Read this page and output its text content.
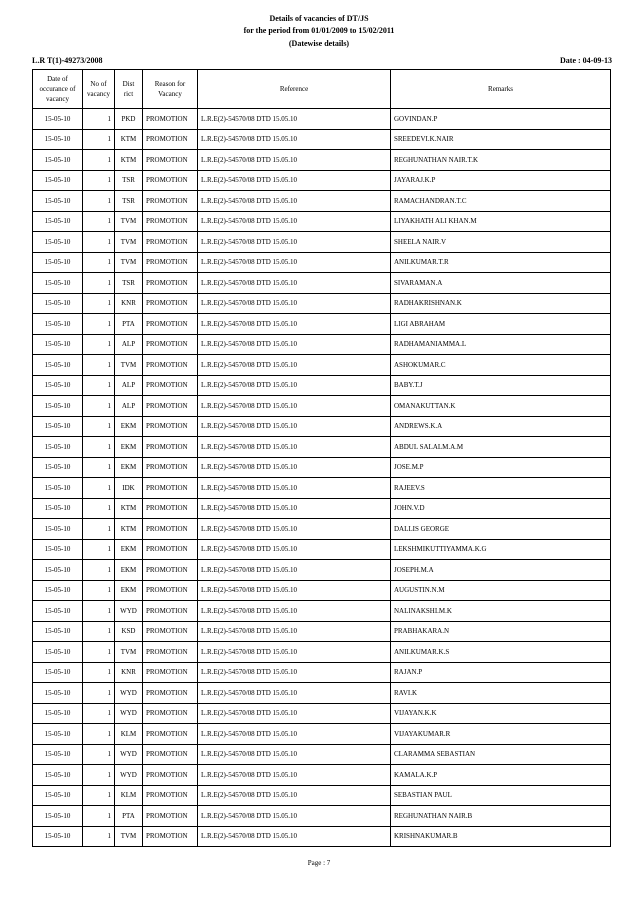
Details of vacancies of DT/JS
for the period from 01/01/2009 to 15/02/2011
(Datewise details)
L.R T(1)-49273/2008	Date : 04-09-13
Date of occurance of vacancy	No of vacancy	Dist rict	Reason for Vacancy	Reference	Remarks
15-05-10	1	PKD	PROMOTION	L.R.E(2)-54570/08 DTD 15.05.10	GOVINDAN.P
15-05-10	1	KTM	PROMOTION	L.R.E(2)-54570/08 DTD 15.05.10	SREEDEVI.K.NAIR
15-05-10	1	KTM	PROMOTION	L.R.E(2)-54570/08 DTD 15.05.10	REGHUNATHAN NAIR.T.K
15-05-10	1	TSR	PROMOTION	L.R.E(2)-54570/08 DTD 15.05.10	JAYARAJ.K.P
15-05-10	1	TSR	PROMOTION	L.R.E(2)-54570/08 DTD 15.05.10	RAMACHANDRAN.T.C
15-05-10	1	TVM	PROMOTION	L.R.E(2)-54570/08 DTD 15.05.10	LIYAKHATH ALI KHAN.M
15-05-10	1	TVM	PROMOTION	L.R.E(2)-54570/08 DTD 15.05.10	SHEELA NAIR.V
15-05-10	1	TVM	PROMOTION	L.R.E(2)-54570/08 DTD 15.05.10	ANILKUMAR.T.R
15-05-10	1	TSR	PROMOTION	L.R.E(2)-54570/08 DTD 15.05.10	SIVARAMAN.A
15-05-10	1	KNR	PROMOTION	L.R.E(2)-54570/08 DTD 15.05.10	RADHAKRISHNAN.K
15-05-10	1	PTA	PROMOTION	L.R.E(2)-54570/08 DTD 15.05.10	LIGI ABRAHAM
15-05-10	1	ALP	PROMOTION	L.R.E(2)-54570/08 DTD 15.05.10	RADHAMANIAMMA.L
15-05-10	1	TVM	PROMOTION	L.R.E(2)-54570/08 DTD 15.05.10	ASHOKUMAR.C
15-05-10	1	ALP	PROMOTION	L.R.E(2)-54570/08 DTD 15.05.10	BABY.T.J
15-05-10	1	ALP	PROMOTION	L.R.E(2)-54570/08 DTD 15.05.10	OMANAKUTTAN.K
15-05-10	1	EKM	PROMOTION	L.R.E(2)-54570/08 DTD 15.05.10	ANDREWS.K.A
15-05-10	1	EKM	PROMOTION	L.R.E(2)-54570/08 DTD 15.05.10	ABDUL SALALM.A.M
15-05-10	1	EKM	PROMOTION	L.R.E(2)-54570/08 DTD 15.05.10	JOSE.M.P
15-05-10	1	IDK	PROMOTION	L.R.E(2)-54570/08 DTD 15.05.10	RAJEEV.S
15-05-10	1	KTM	PROMOTION	L.R.E(2)-54570/08 DTD 15.05.10	JOHN.V.D
15-05-10	1	KTM	PROMOTION	L.R.E(2)-54570/08 DTD 15.05.10	DALLIS GEORGE
15-05-10	1	EKM	PROMOTION	L.R.E(2)-54570/08 DTD 15.05.10	LEKSHMIKUTTIYAMMA.K.G
15-05-10	1	EKM	PROMOTION	L.R.E(2)-54570/08 DTD 15.05.10	JOSEPH.M.A
15-05-10	1	EKM	PROMOTION	L.R.E(2)-54570/08 DTD 15.05.10	AUGUSTIN.N.M
15-05-10	1	WYD	PROMOTION	L.R.E(2)-54570/08 DTD 15.05.10	NALINAKSHI.M.K
15-05-10	1	KSD	PROMOTION	L.R.E(2)-54570/08 DTD 15.05.10	PRABHAKARA.N
15-05-10	1	TVM	PROMOTION	L.R.E(2)-54570/08 DTD 15.05.10	ANILKUMAR.K.S
15-05-10	1	KNR	PROMOTION	L.R.E(2)-54570/08 DTD 15.05.10	RAJAN.P
15-05-10	1	WYD	PROMOTION	L.R.E(2)-54570/08 DTD 15.05.10	RAVI.K
15-05-10	1	WYD	PROMOTION	L.R.E(2)-54570/08 DTD 15.05.10	VIJAYAN.K.K
15-05-10	1	KLM	PROMOTION	L.R.E(2)-54570/08 DTD 15.05.10	VIJAYAKUMAR.R
15-05-10	1	WYD	PROMOTION	L.R.E(2)-54570/08 DTD 15.05.10	CLARAMMA SEBASTIAN
15-05-10	1	WYD	PROMOTION	L.R.E(2)-54570/08 DTD 15.05.10	KAMALA.K.P
15-05-10	1	KLM	PROMOTION	L.R.E(2)-54570/08 DTD 15.05.10	SEBASTIAN PAUL
15-05-10	1	PTA	PROMOTION	L.R.E(2)-54570/08 DTD 15.05.10	REGHUNATHAN NAIR.B
15-05-10	1	TVM	PROMOTION	L.R.E(2)-54570/08 DTD 15.05.10	KRISHNAKUMAR.B
Page : 7
